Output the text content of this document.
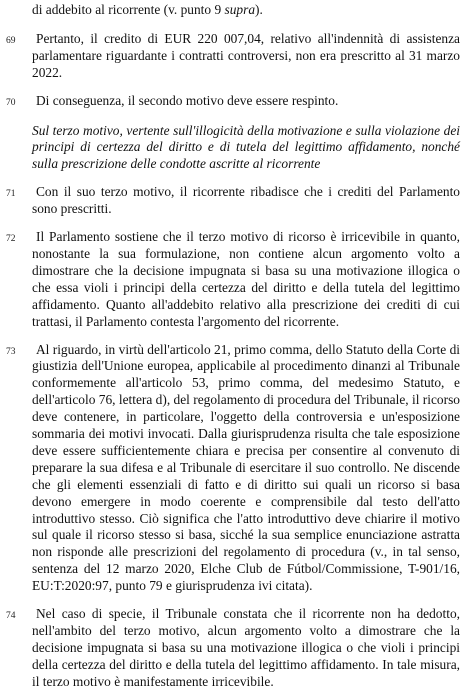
di addebito al ricorrente (v. punto 9 supra).
69	Pertanto, il credito di EUR 220 007,04, relativo all'indennità di assistenza parlamentare riguardante i contratti controversi, non era prescritto al 31 marzo 2022.
70	Di conseguenza, il secondo motivo deve essere respinto.
Sul terzo motivo, vertente sull'illogicità della motivazione e sulla violazione dei principi di certezza del diritto e di tutela del legittimo affidamento, nonché sulla prescrizione delle condotte ascritte al ricorrente
71	Con il suo terzo motivo, il ricorrente ribadisce che i crediti del Parlamento sono prescritti.
72	Il Parlamento sostiene che il terzo motivo di ricorso è irricevibile in quanto, nonostante la sua formulazione, non contiene alcun argomento volto a dimostrare che la decisione impugnata si basa su una motivazione illogica o che essa violi i principi della certezza del diritto e della tutela del legittimo affidamento. Quanto all'addebito relativo alla prescrizione dei crediti di cui trattasi, il Parlamento contesta l'argomento del ricorrente.
73	Al riguardo, in virtù dell'articolo 21, primo comma, dello Statuto della Corte di giustizia dell'Unione europea, applicabile al procedimento dinanzi al Tribunale conformemente all'articolo 53, primo comma, del medesimo Statuto, e dell'articolo 76, lettera d), del regolamento di procedura del Tribunale, il ricorso deve contenere, in particolare, l'oggetto della controversia e un'esposizione sommaria dei motivi invocati. Dalla giurisprudenza risulta che tale esposizione deve essere sufficientemente chiara e precisa per consentire al convenuto di preparare la sua difesa e al Tribunale di esercitare il suo controllo. Ne discende che gli elementi essenziali di fatto e di diritto sui quali un ricorso si basa devono emergere in modo coerente e comprensibile dal testo dell'atto introduttivo stesso. Ciò significa che l'atto introduttivo deve chiarire il motivo sul quale il ricorso stesso si basa, sicché la sua semplice enunciazione astratta non risponde alle prescrizioni del regolamento di procedura (v., in tal senso, sentenza del 12 marzo 2020, Elche Club de Fútbol/Commissione, T-901/16, EU:T:2020:97, punto 79 e giurisprudenza ivi citata).
74	Nel caso di specie, il Tribunale constata che il ricorrente non ha dedotto, nell'ambito del terzo motivo, alcun argomento volto a dimostrare che la decisione impugnata si basa su una motivazione illogica o che violi i principi della certezza del diritto e della tutela del legittimo affidamento. In tale misura, il terzo motivo è manifestamente irricevibile.
